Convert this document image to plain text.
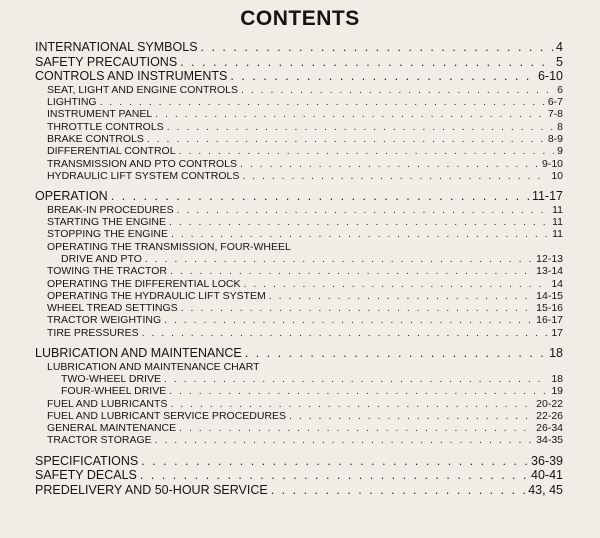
CONTENTS
INTERNATIONAL SYMBOLS . . .	4
SAFETY PRECAUTIONS . . .	5
CONTROLS AND INSTRUMENTS . . .	6-10
SEAT, LIGHT AND ENGINE CONTROLS . . .	6
LIGHTING . . .	6-7
INSTRUMENT PANEL . . .	7-8
THROTTLE CONTROLS . . .	8
BRAKE CONTROLS . . .	8-9
DIFFERENTIAL CONTROL . . .	9
TRANSMISSION AND PTO CONTROLS . . .	9-10
HYDRAULIC LIFT SYSTEM CONTROLS . . .	10
OPERATION . . .	11-17
BREAK-IN PROCEDURES . . .	11
STARTING THE ENGINE . . .	11
STOPPING THE ENGINE . . .	11
OPERATING THE TRANSMISSION, FOUR-WHEEL
DRIVE AND PTO . . .	12-13
TOWING THE TRACTOR . . .	13-14
OPERATING THE DIFFERENTIAL LOCK . . .	14
OPERATING THE HYDRAULIC LIFT SYSTEM . . .	14-15
WHEEL TREAD SETTINGS . . .	15-16
TRACTOR WEIGHTING . . .	16-17
TIRE PRESSURES . . .	17
LUBRICATION AND MAINTENANCE . . .	18
LUBRICATION AND MAINTENANCE CHART
TWO-WHEEL DRIVE . . .	18
FOUR-WHEEL DRIVE . . .	19
FUEL AND LUBRICANTS . . .	20-22
FUEL AND LUBRICANT SERVICE PROCEDURES . . .	22-26
GENERAL MAINTENANCE . . .	26-34
TRACTOR STORAGE . . .	34-35
SPECIFICATIONS . . .	36-39
SAFETY DECALS . . .	40-41
PREDELIVERY AND 50-HOUR SERVICE . . .	43, 45
